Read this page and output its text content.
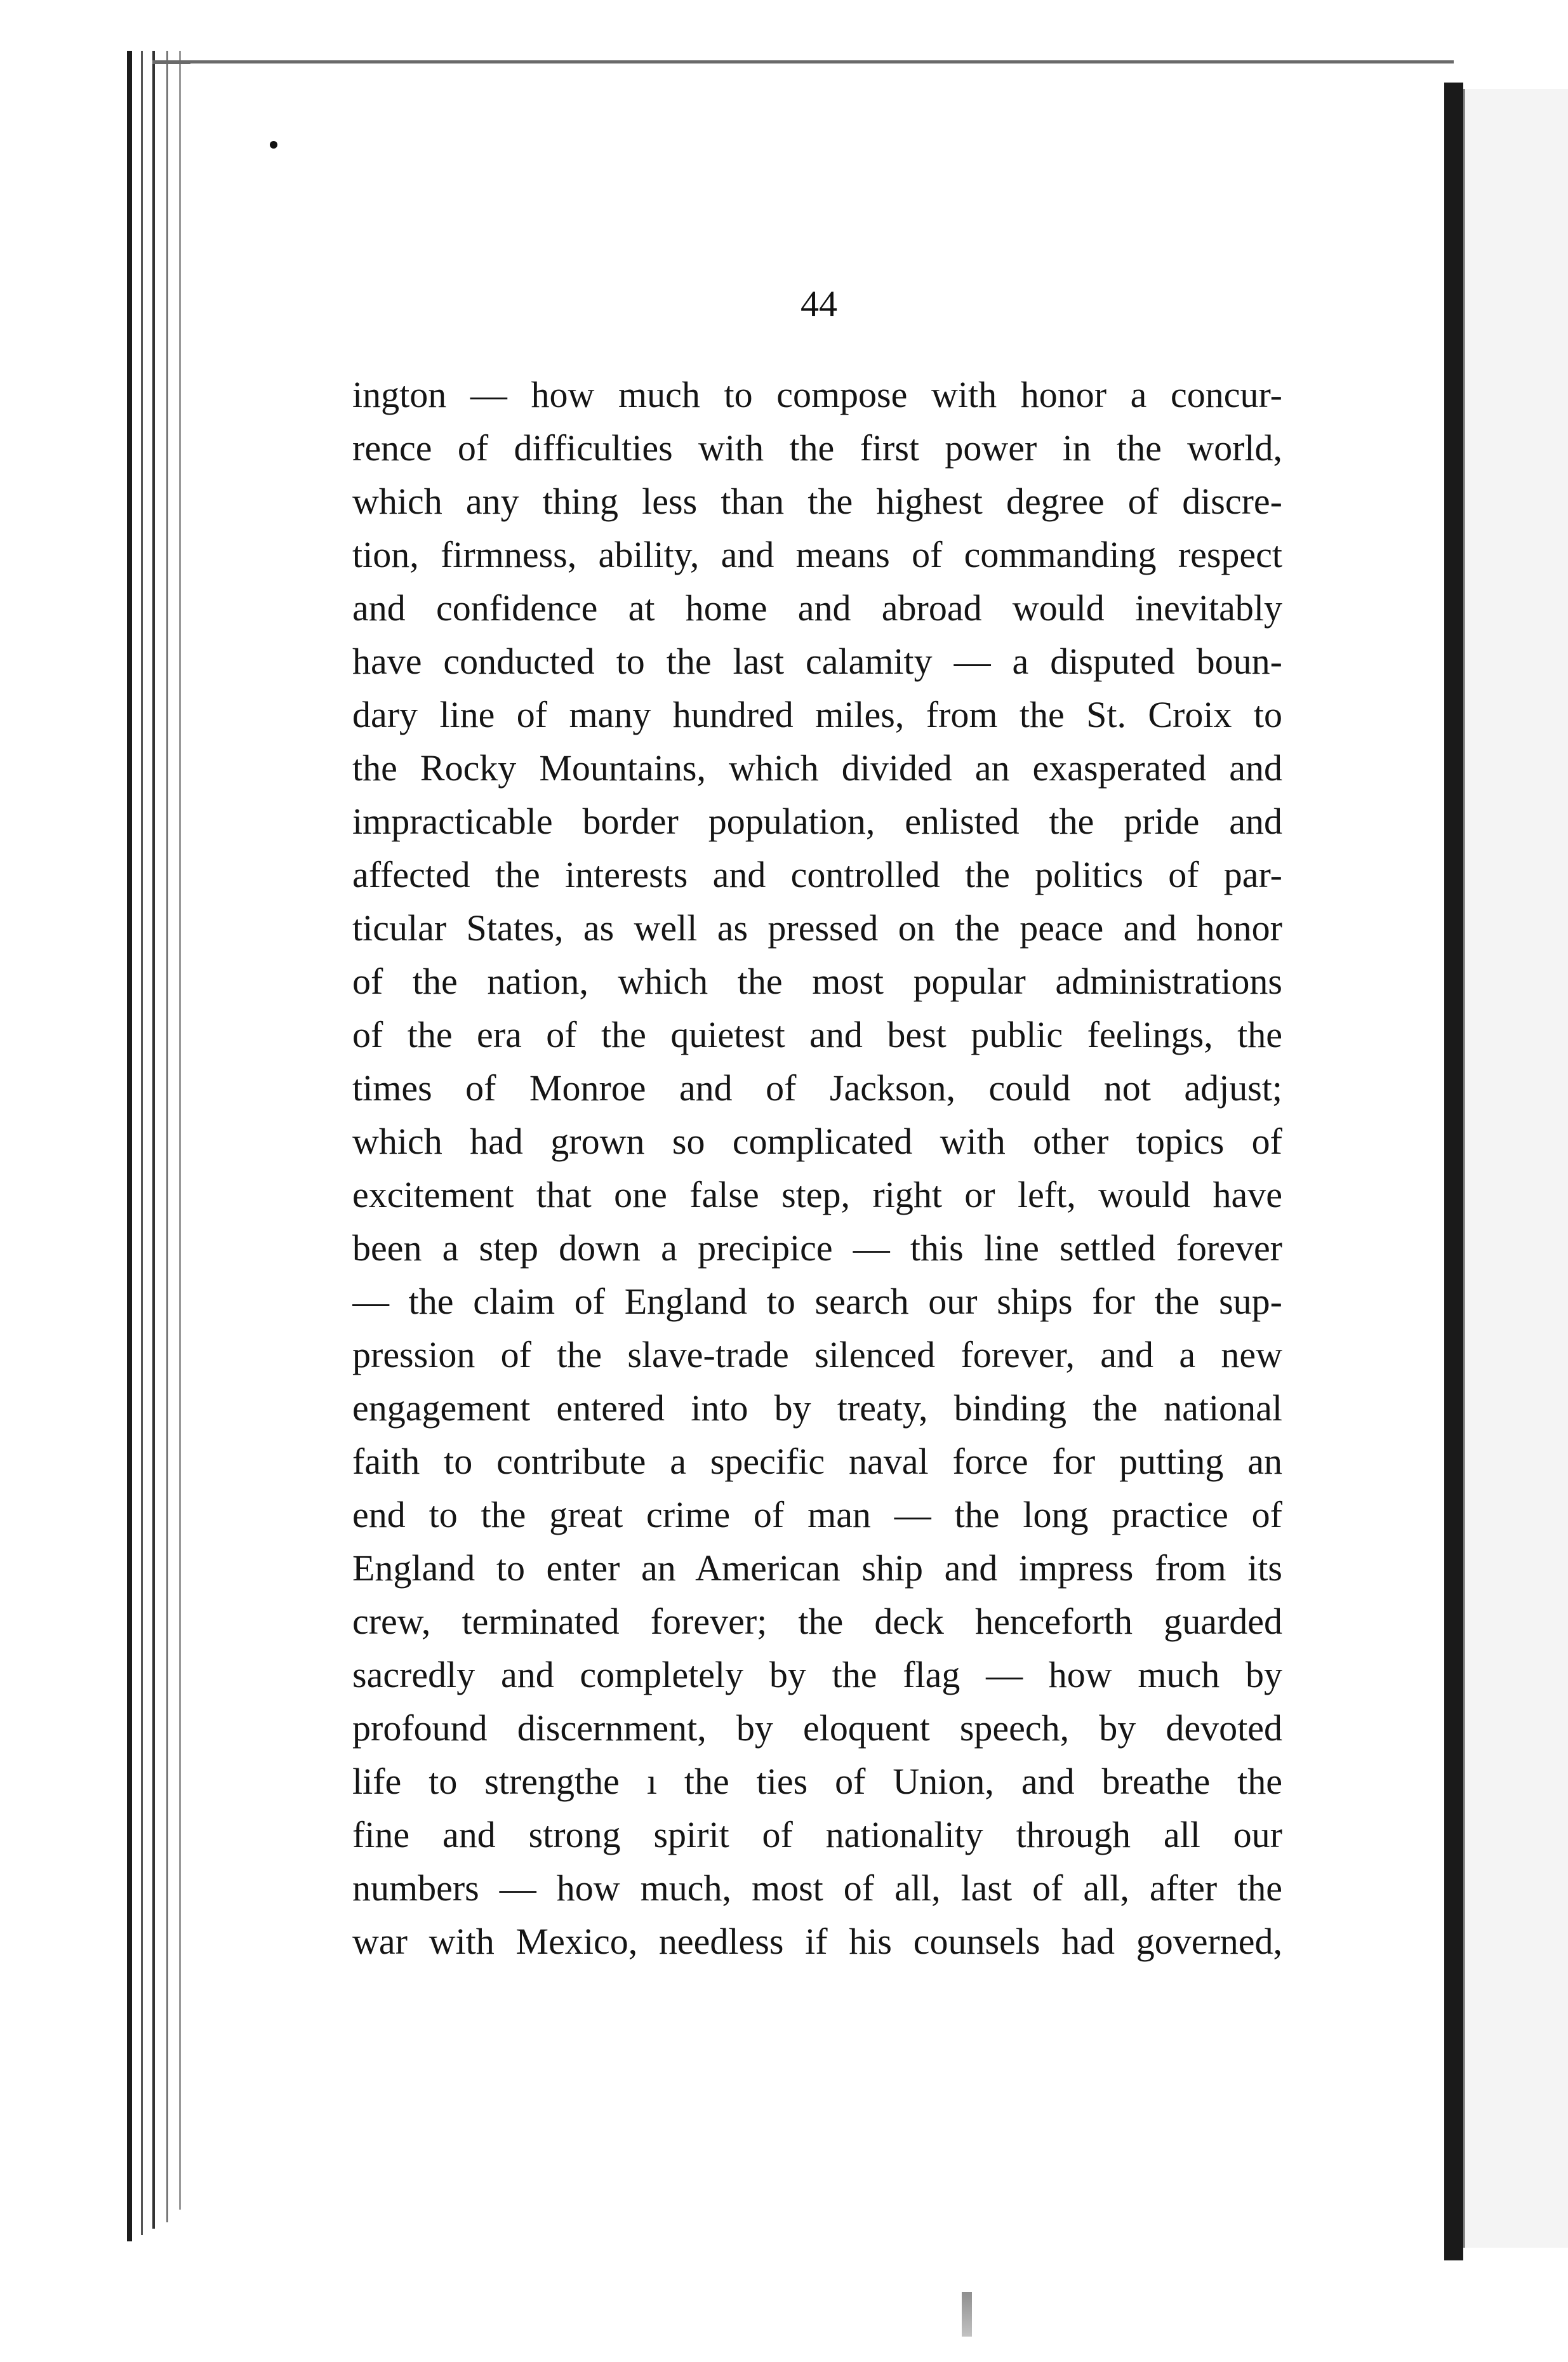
44
ington — how much to compose with honor a concur-
rence of difficulties with the first power in the world,
which any thing less than the highest degree of discre-
tion, firmness, ability, and means of commanding respect
and confidence at home and abroad would inevitably
have conducted to the last calamity — a disputed boun-
dary line of many hundred miles, from the St. Croix to
the Rocky Mountains, which divided an exasperated and
impracticable border population, enlisted the pride and
affected the interests and controlled the politics of par-
ticular States, as well as pressed on the peace and honor
of the nation, which the most popular administrations
of the era of the quietest and best public feelings, the
times of Monroe and of Jackson, could not adjust;
which had grown so complicated with other topics of
excitement that one false step, right or left, would have
been a step down a precipice — this line settled forever
— the claim of England to search our ships for the sup-
pression of the slave-trade silenced forever, and a new
engagement entered into by treaty, binding the national
faith to contribute a specific naval force for putting an
end to the great crime of man — the long practice of
England to enter an American ship and impress from its
crew, terminated forever; the deck henceforth guarded
sacredly and completely by the flag — how much by
profound discernment, by eloquent speech, by devoted
life to strengthe ı the ties of Union, and breathe the
fine and strong spirit of nationality through all our
numbers — how much, most of all, last of all, after the
war with Mexico, needless if his counsels had governed,
